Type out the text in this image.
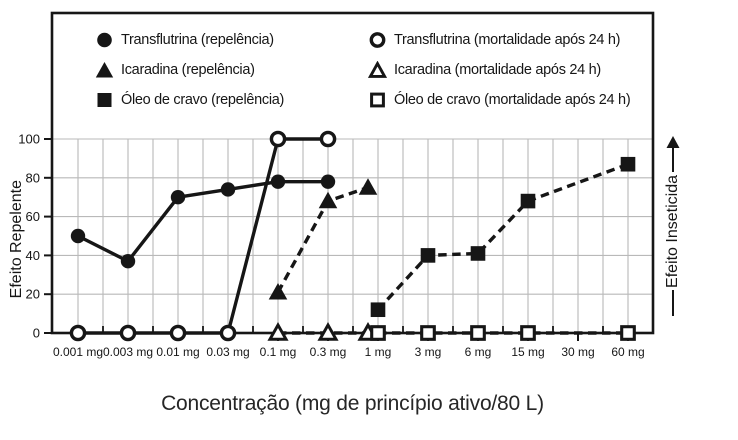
0
20
40
60
80
100
0.001 mg 0.003 mg 0.01 mg 0.03 mg 0.1 mg 0.3 mg 1 mg 3 mg 6 mg 15 mg 30 mg 60 mg
Transflutrina (repelência)
Icaradina (repelência)
Óleo de cravo (repelência)
Transflutrina (mortalidade após 24 h)
Icaradina (mortalidade após 24 h)
Óleo de cravo (mortalidade após 24 h)
Efeito Repelente	Efeito Inseticida
Concentração (mg de princípio ativo/80 L)
